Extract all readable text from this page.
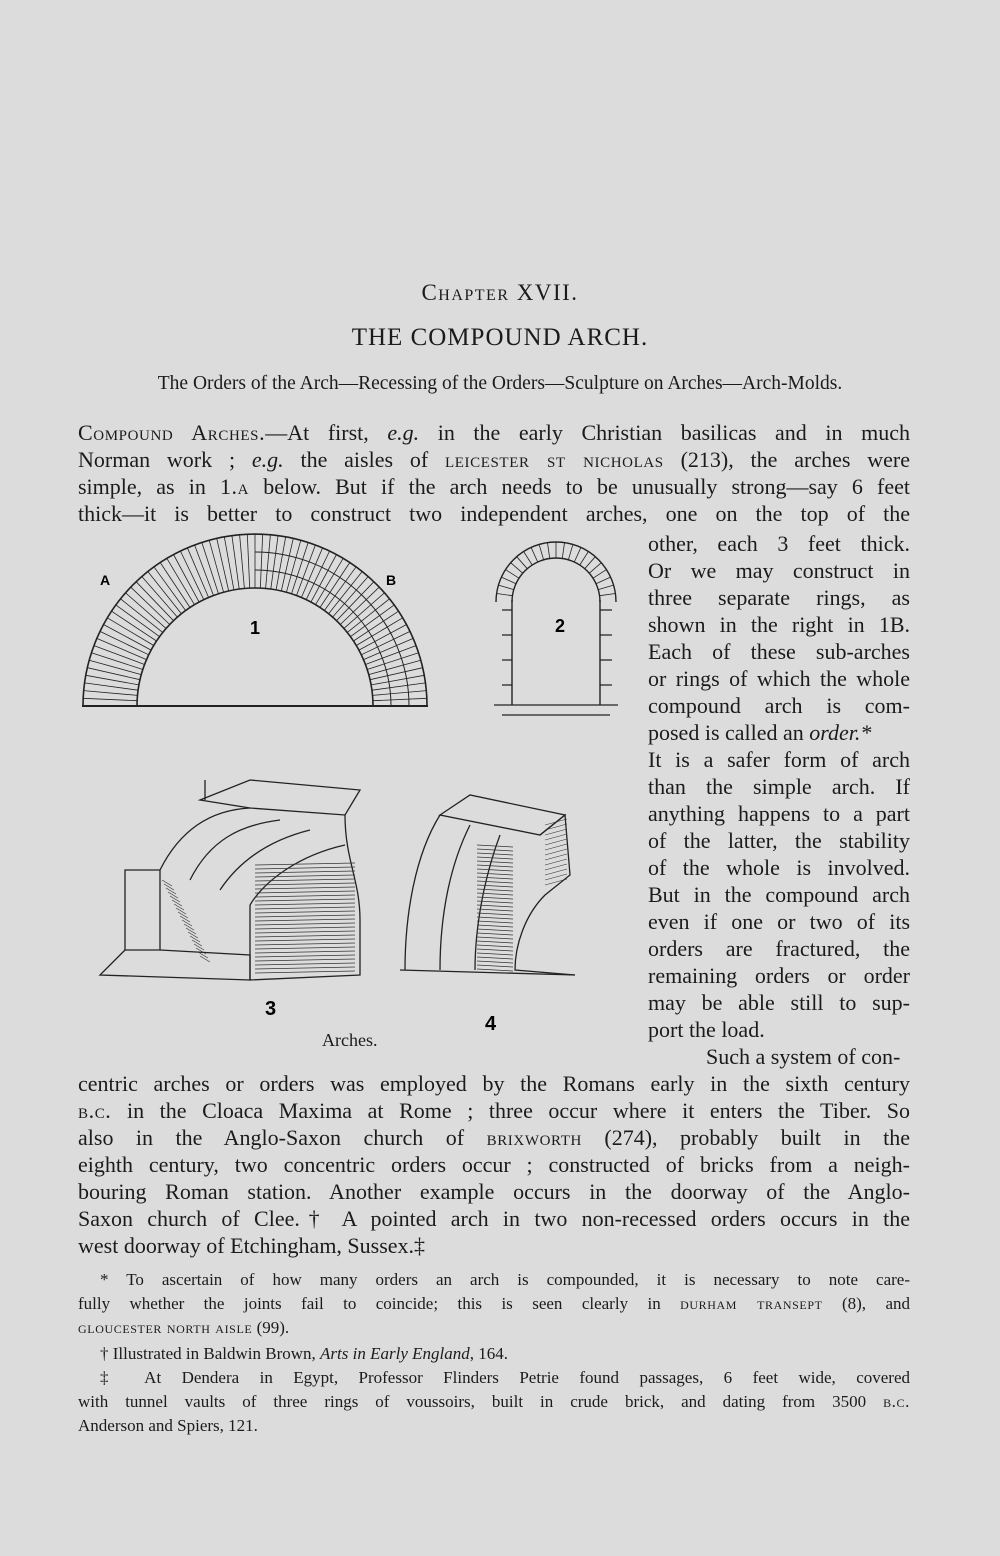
Chapter XVII.
THE COMPOUND ARCH.
The Orders of the Arch—Recessing of the Orders—Sculpture on Arches—Arch-Molds.
Compound Arches.—At first, e.g. in the early Christian basilicas and in much
Norman work ; e.g. the aisles of leicester st nicholas (213), the arches were
simple, as in 1.a below. But if the arch needs to be unusually strong—say 6 feet
thick—it is better to construct two independent arches, one on the top of the
other, each 3 feet thick.
Or we may construct in
three separate rings, as
shown in the right in 1B.
Each of these sub-arches
or rings of which the whole
compound arch is com-
posed is called an order.*
It is a safer form of arch
than the simple arch. If
anything happens to a part
of the latter, the stability
of the whole is involved.
But in the compound arch
even if one or two of its
orders are fractured, the
remaining orders or order
may be able still to sup-
port the load.
Such a system of con-
centric arches or orders was employed by the Romans early in the sixth century
b.c. in the Cloaca Maxima at Rome ; three occur where it enters the Tiber. So
also in the Anglo-Saxon church of brixworth (274), probably built in the
eighth century, two concentric orders occur ; constructed of bricks from a neigh-
bouring Roman station. Another example occurs in the doorway of the Anglo-
Saxon church of Clee.† A pointed arch in two non-recessed orders occurs in the
west doorway of Etchingham, Sussex.‡
* To ascertain of how many orders an arch is compounded, it is necessary to note care-
fully whether the joints fail to coincide; this is seen clearly in durham transept (8), and
gloucester north aisle (99).
† Illustrated in Baldwin Brown, Arts in Early England, 164.
‡ At Dendera in Egypt, Professor Flinders Petrie found passages, 6 feet wide, covered
with tunnel vaults of three rings of voussoirs, built in crude brick, and dating from 3500 b.c.
Anderson and Spiers, 121.
A	B
1	2
3
4
Arches.
